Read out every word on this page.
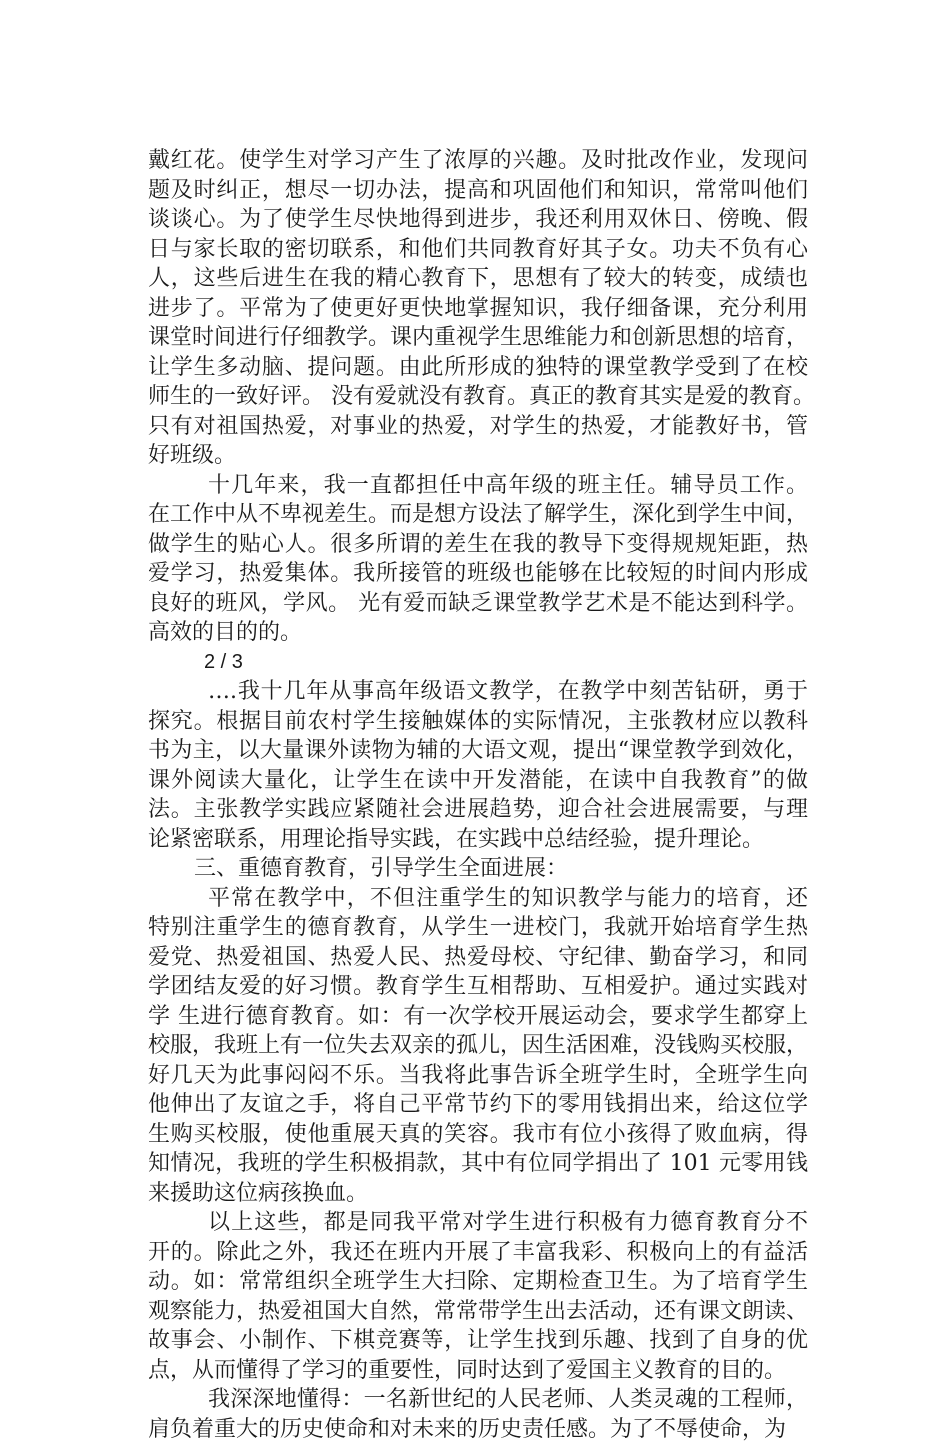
戴红花。使学生对学习产生了浓厚的兴趣。及时批改作业，发现问
题及时纠正，想尽一切办法，提高和巩固他们和知识，常常叫他们
谈谈心。为了使学生尽快地得到进步，我还利用双休日、傍晚、假
日与家长取的密切联系，和他们共同教育好其子女。功夫不负有心
人，这些后进生在我的精心教育下，思想有了较大的转变，成绩也
进步了。平常为了使更好更快地掌握知识，我仔细备课，充分利用
课堂时间进行仔细教学。课内重视学生思维能力和创新思想的培育，
让学生多动脑、提问题。由此所形成的独特的课堂教学受到了在校
师生的一致好评。 没有爱就没有教育。真正的教育其实是爱的教育。
只有对祖国热爱，对事业的热爱，对学生的热爱，才能教好书，管
好班级。
十几年来，我一直都担任中高年级的班主任。辅导员工作。
在工作中从不卑视差生。而是想方设法了解学生，深化到学生中间，
做学生的贴心人。很多所谓的差生在我的教导下变得规规矩距，热
爱学习，热爱集体。我所接管的班级也能够在比较短的时间内形成
良好的班风，学风。 光有爱而缺乏课堂教学艺术是不能达到科学。
高效的目的的。
2 / 3
….我十几年从事高年级语文教学，在教学中刻苦钻研，勇于
探究。根据目前农村学生接触媒体的实际情况，主张教材应以教科
书为主，以大量课外读物为辅的大语文观，提出“课堂教学到效化，
课外阅读大量化，让学生在读中开发潜能，在读中自我教育”的做
法。主张教学实践应紧随社会进展趋势，迎合社会进展需要，与理
论紧密联系，用理论指导实践，在实践中总结经验，提升理论。
三、重德育教育，引导学生全面进展：
平常在教学中，不但注重学生的知识教学与能力的培育，还
特别注重学生的德育教育，从学生一进校门，我就开始培育学生热
爱党、热爱祖国、热爱人民、热爱母校、守纪律、勤奋学习，和同
学团结友爱的好习惯。教育学生互相帮助、互相爱护。通过实践对
学 生进行德育教育。如：有一次学校开展运动会，要求学生都穿上
校服，我班上有一位失去双亲的孤儿，因生活困难，没钱购买校服，
好几天为此事闷闷不乐。当我将此事告诉全班学生时，全班学生向
他伸出了友谊之手，将自己平常节约下的零用钱捐出来，给这位学
生购买校服，使他重展天真的笑容。我市有位小孩得了败血病，得
知情况，我班的学生积极捐款，其中有位同学捐出了 101 元零用钱
来援助这位病孩换血。
以上这些，都是同我平常对学生进行积极有力德育教育分不
开的。除此之外，我还在班内开展了丰富我彩、积极向上的有益活
动。如：常常组织全班学生大扫除、定期检查卫生。为了培育学生
观察能力，热爱祖国大自然，常常带学生出去活动，还有课文朗读、
故事会、小制作、下棋竞赛等，让学生找到乐趣、找到了自身的优
点，从而懂得了学习的重要性，同时达到了爱国主义教育的目的。
我深深地懂得：一名新世纪的人民老师、人类灵魂的工程师，
肩负着重大的历史使命和对未来的历史责任感。为了不辱使命，为
